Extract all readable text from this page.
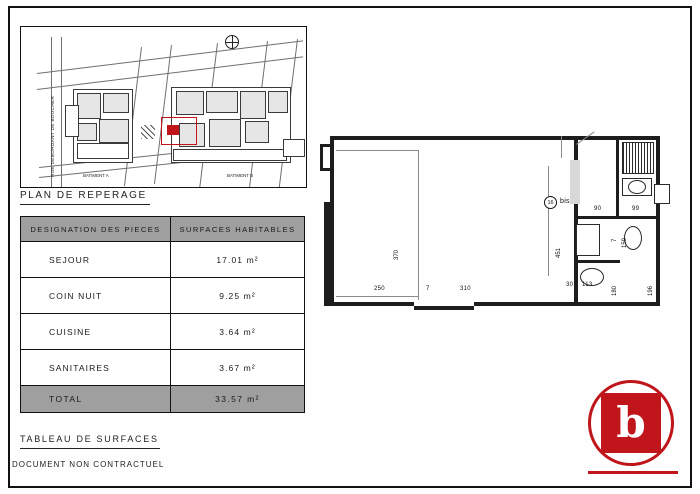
RUE DEBORDANT DE BOUCHER	BATIMENT A	BATIMENT B
PLAN DE REPERAGE
DESIGNATION DES PIECES	SURFACES HABITABLES
SEJOUR	17.01 m²
COIN NUIT	9.25 m²
CUISINE	3.64 m²
SANITAIRES	3.67 m²
TOTAL	33.57 m²
TABLEAU DE SURFACES
DOCUMENT NON CONTRACTUEL
370
250	7	310
451
90	99
7 159
180	196
30 113
16 bis
b
